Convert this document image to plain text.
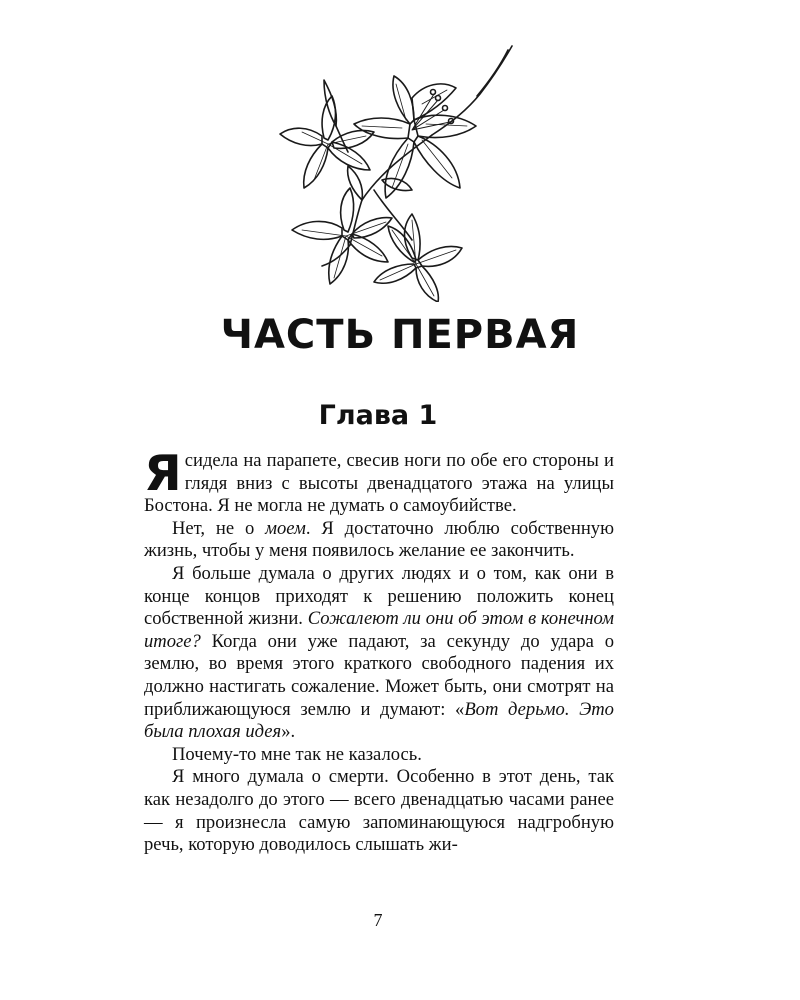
ЧАСТЬ ПЕРВАЯ
Глава 1

Ясидела на парапете, свесив ноги по обе его стороны и глядя вниз с высоты двенадцатого этажа на улицы Бостона. Я не могла не думать о самоубийстве.

Нет, не о моем. Я достаточно люблю собственную жизнь, чтобы у меня появилось желание ее закончить.

Я больше думала о других людях и о том, как они в конце концов приходят к решению положить конец собственной жизни. Сожалеют ли они об этом в конечном итоге? Когда они уже падают, за секунду до удара о землю, во время этого краткого свободного падения их должно настигать сожаление. Может быть, они смотрят на приближающуюся землю и думают: «Вот дерьмо. Это была плохая идея».

Почему-то мне так не казалось.

Я много думала о смерти. Особенно в этот день, так как незадолго до этого — всего двенадцатью часами ранее — я произнесла самую запоминающуюся надгробную речь, которую доводилось слышать жи-

7
